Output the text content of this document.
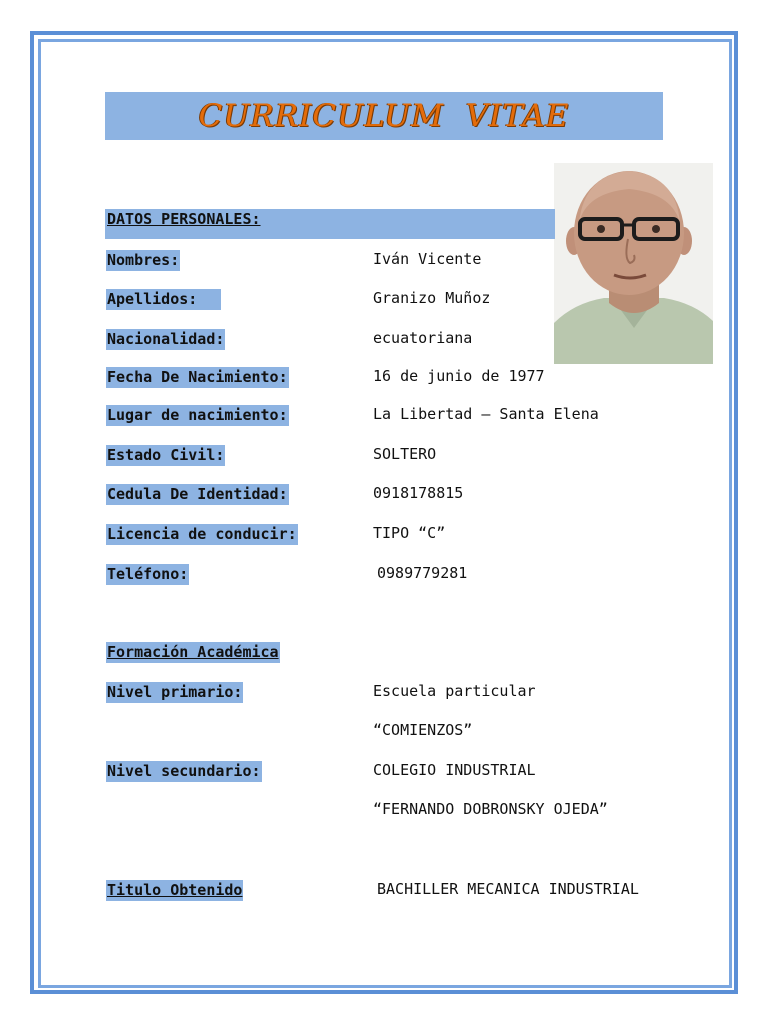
CURRICULUM  VITAE
DATOS PERSONALES:
Nombres:	Iván Vicente
Apellidos:	Granizo Muñoz
Nacionalidad:	ecuatoriana
Fecha De Nacimiento:	16 de junio de 1977
Lugar de nacimiento:	La Libertad – Santa Elena
Estado Civil:	SOLTERO
Cedula De Identidad:	0918178815
Licencia de conducir:	TIPO “C”
Teléfono:	0989779281
Formación Académica
Nivel primario:	Escuela particular
“COMIENZOS”
Nivel secundario:	COLEGIO INDUSTRIAL
“FERNANDO DOBRONSKY OJEDA”
Titulo Obtenido	BACHILLER MECANICA INDUSTRIAL
